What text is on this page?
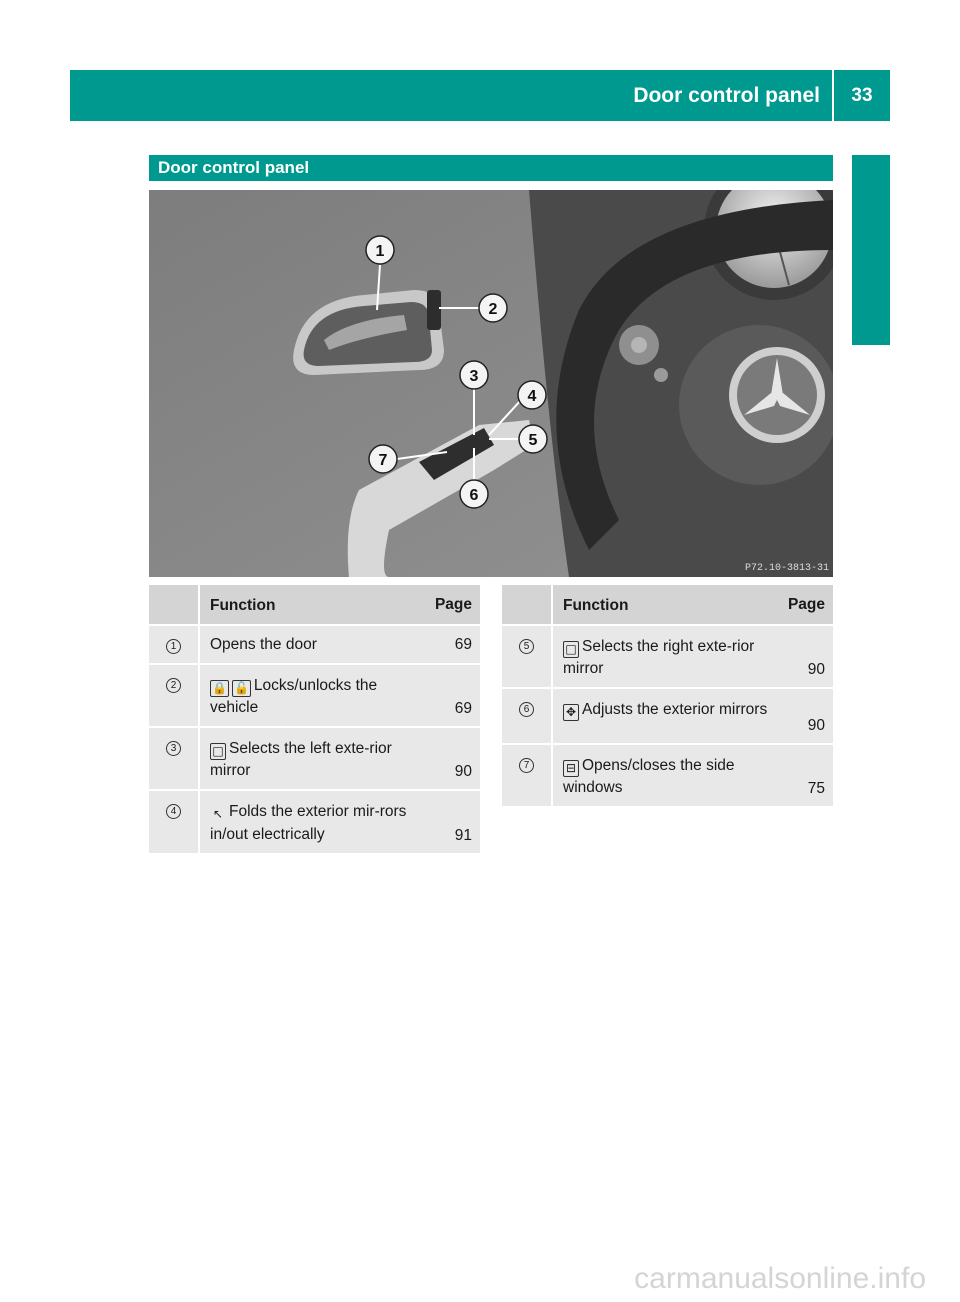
Door control panel	33
At a glance
Door control panel
1
2
3
4
5
6
7
P72.10-3813-31
	Function	Page
1	Opens the door	69
2	🔒 🔓 Locks/unlocks the vehicle	69
3	□ Selects the left exte-rior mirror	90
4	↖ Folds the exterior mir-rors in/out electrically	91
	Function	Page
5	□ Selects the right exte-rior mirror	90
6	✥ Adjusts the exterior mirrors	90
7	⊟ Opens/closes the side windows	75
carmanualsonline.info
